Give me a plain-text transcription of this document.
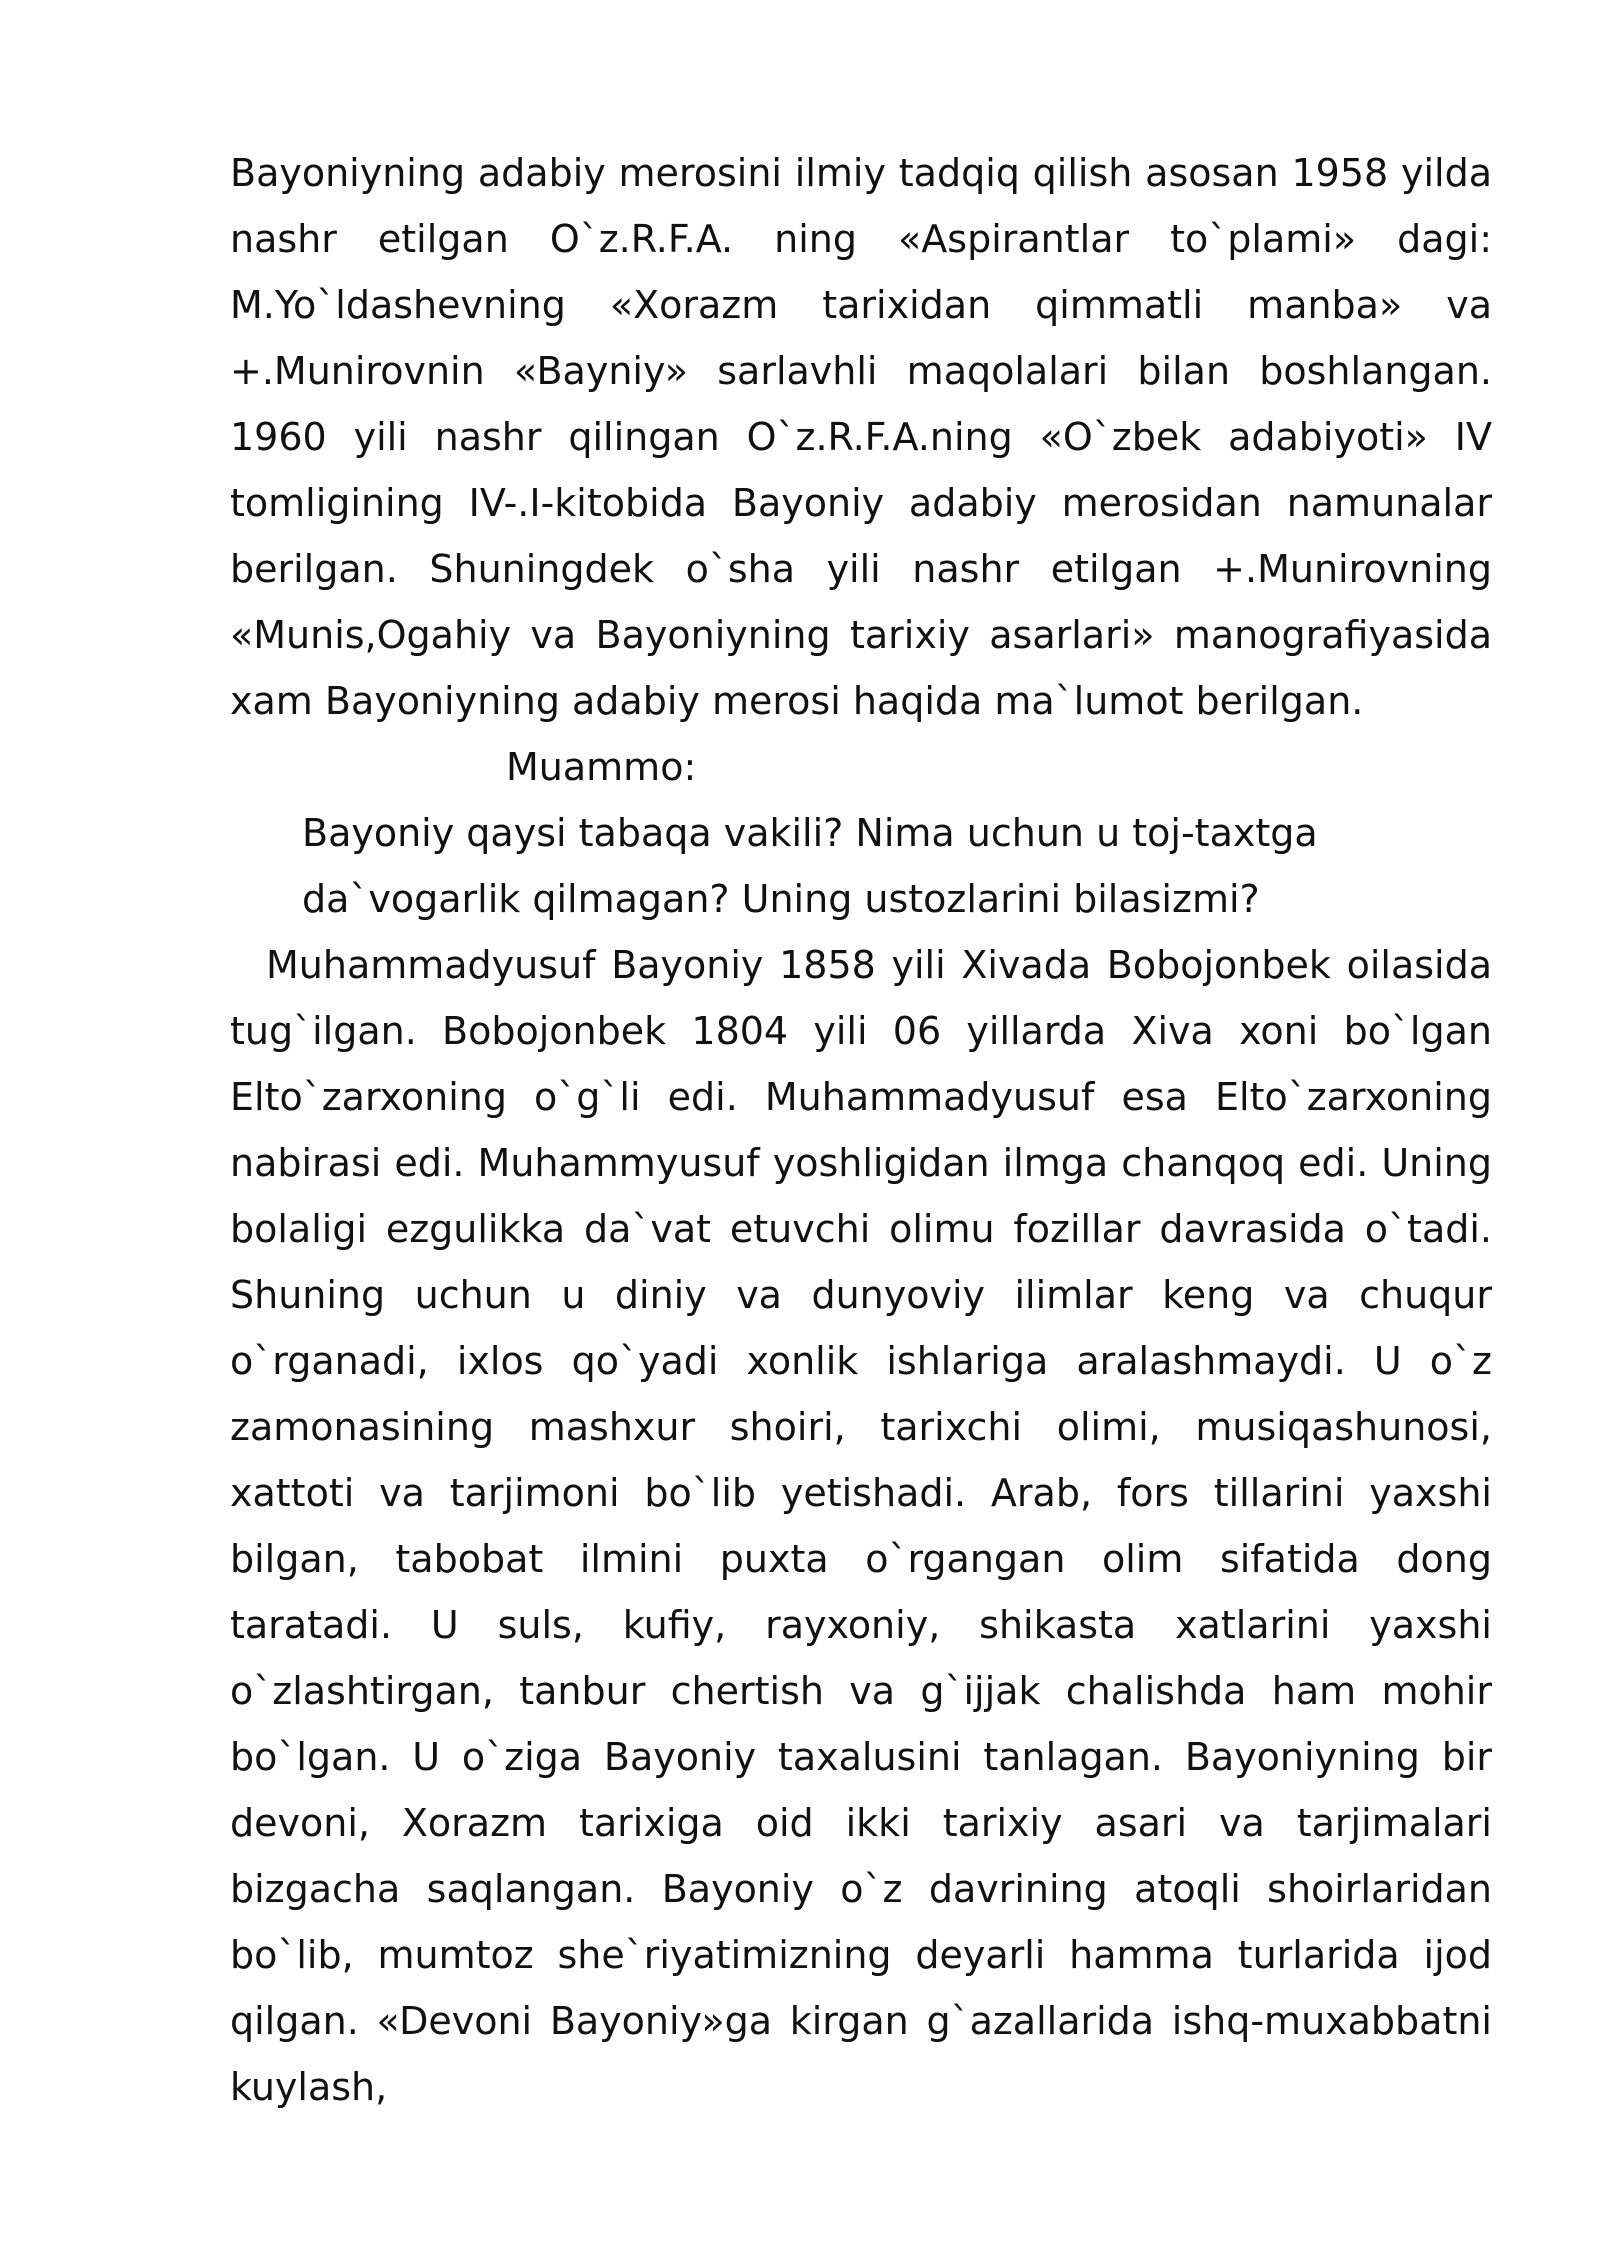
Bayoniyning adabiy merosini ilmiy tadqiq qilish asosan 1958 yilda nashr etilgan O`z.R.F.A. ning «Aspirantlar to`plami» dagi: M.Yo`ldashevning «Xorazm tarixidan qimmatli manba» va +.Munirovnin «Bayniy» sarlavhli maqolalari bilan boshlangan. 1960 yili nashr qilingan O`z.R.F.A.ning «O`zbek adabiyoti» IV tomligining IV-.I-kitobida Bayoniy adabiy merosidan namunalar berilgan. Shuningdek o`sha yili nashr etilgan +.Munirovning «Munis,Ogahiy va Bayoniyning tarixiy asarlari» manografiyasida xam Bayoniyning adabiy merosi haqida ma`lumot berilgan.

Muammo:

Bayoniy qaysi tabaqa vakili? Nima uchun u toj-taxtga

da`vogarlik qilmagan? Uning ustozlarini bilasizmi?

Muhammadyusuf Bayoniy 1858 yili Xivada Bobojonbek oilasida tug`ilgan. Bobojonbek 1804 yili 06 yillarda Xiva xoni bo`lgan Elto`zarxoning o`g`li edi. Muhammadyusuf esa Elto`zarxoning nabirasi edi. Muhammyusuf yoshligidan ilmga chanqoq edi. Uning bolaligi ezgulikka da`vat etuvchi olimu fozillar davrasida o`tadi. Shuning uchun u diniy va dunyoviy ilimlar keng va chuqur o`rganadi, ixlos qo`yadi xonlik ishlariga aralashmaydi. U o`z zamonasining mashxur shoiri, tarixchi olimi, musiqashunosi, xattoti va tarjimoni bo`lib yetishadi. Arab, fors tillarini yaxshi bilgan, tabobat ilmini puxta o`rgangan olim sifatida dong taratadi. U suls, kufiy, rayxoniy, shikasta xatlarini yaxshi o`zlashtirgan, tanbur chertish va g`ijjak chalishda ham mohir bo`lgan. U o`ziga Bayoniy taxalusini tanlagan. Bayoniyning bir devoni, Xorazm tarixiga oid ikki tarixiy asari va tarjimalari bizgacha saqlangan. Bayoniy o`z davrining atoqli shoirlaridan bo`lib, mumtoz she`riyatimizning deyarli hamma turlarida ijod qilgan. «Devoni Bayoniy»ga kirgan g`azallarida ishq-muxabbatni kuylash,
